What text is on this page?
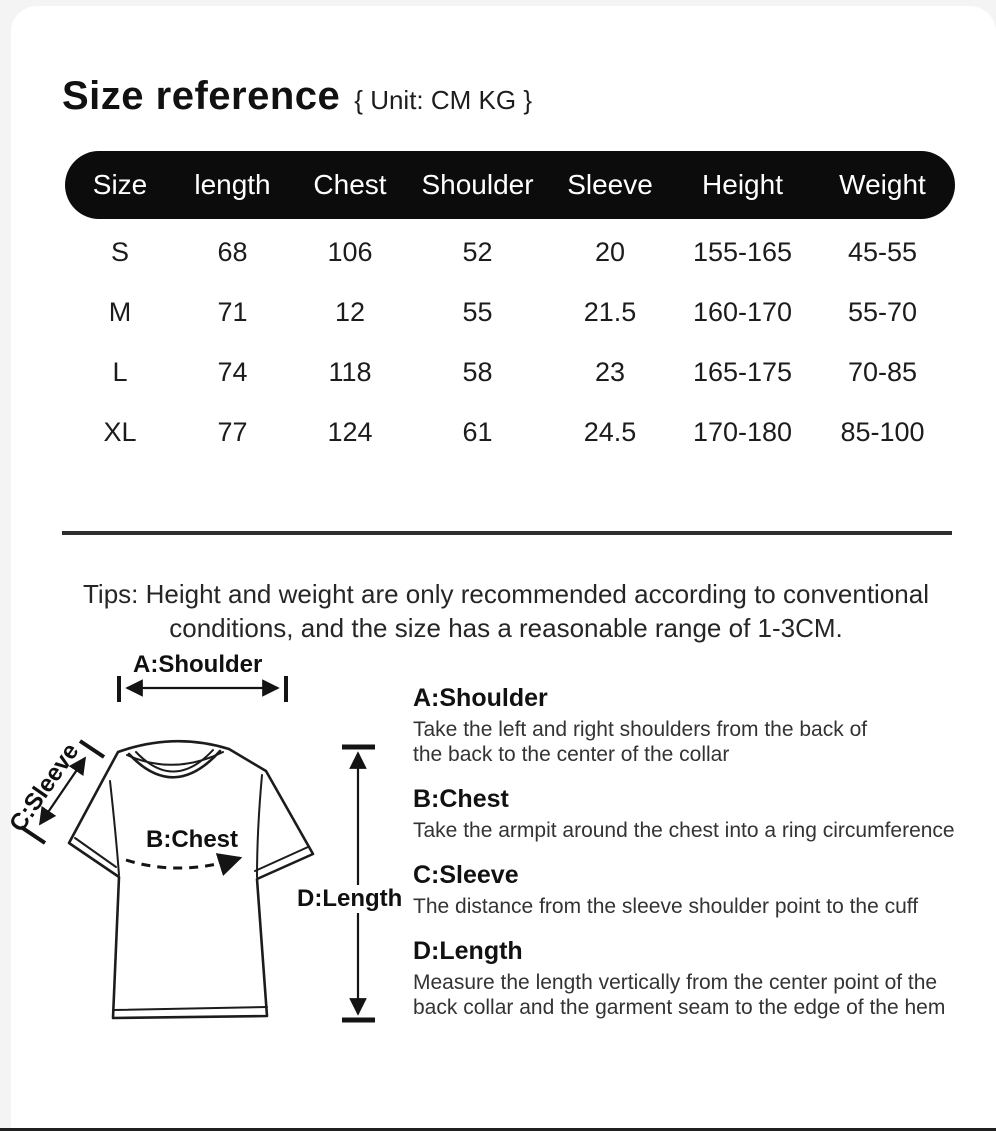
Size reference { Unit: CM KG }
Size	length	Chest	Shoulder	Sleeve	Height	Weight
S	68	106	52	20	155-165	45-55
M	71	12	55	21.5	160-170	55-70
L	74	118	58	23	165-175	70-85
XL	77	124	61	24.5	170-180	85-100

Tips: Height and weight are only recommended according to conventional
conditions, and the size has a reasonable range of 1-3CM.

A:Shoulder
C:Sleeve
B:Chest
D:Length
A:Shoulder
Take the left and right shoulders from the back of
the back to the center of the collar
B:Chest
Take the armpit around the chest into a ring circumference
C:Sleeve
The distance from the sleeve shoulder point to the cuff
D:Length
Measure the length vertically from the center point of the
back collar and the garment seam to the edge of the hem
